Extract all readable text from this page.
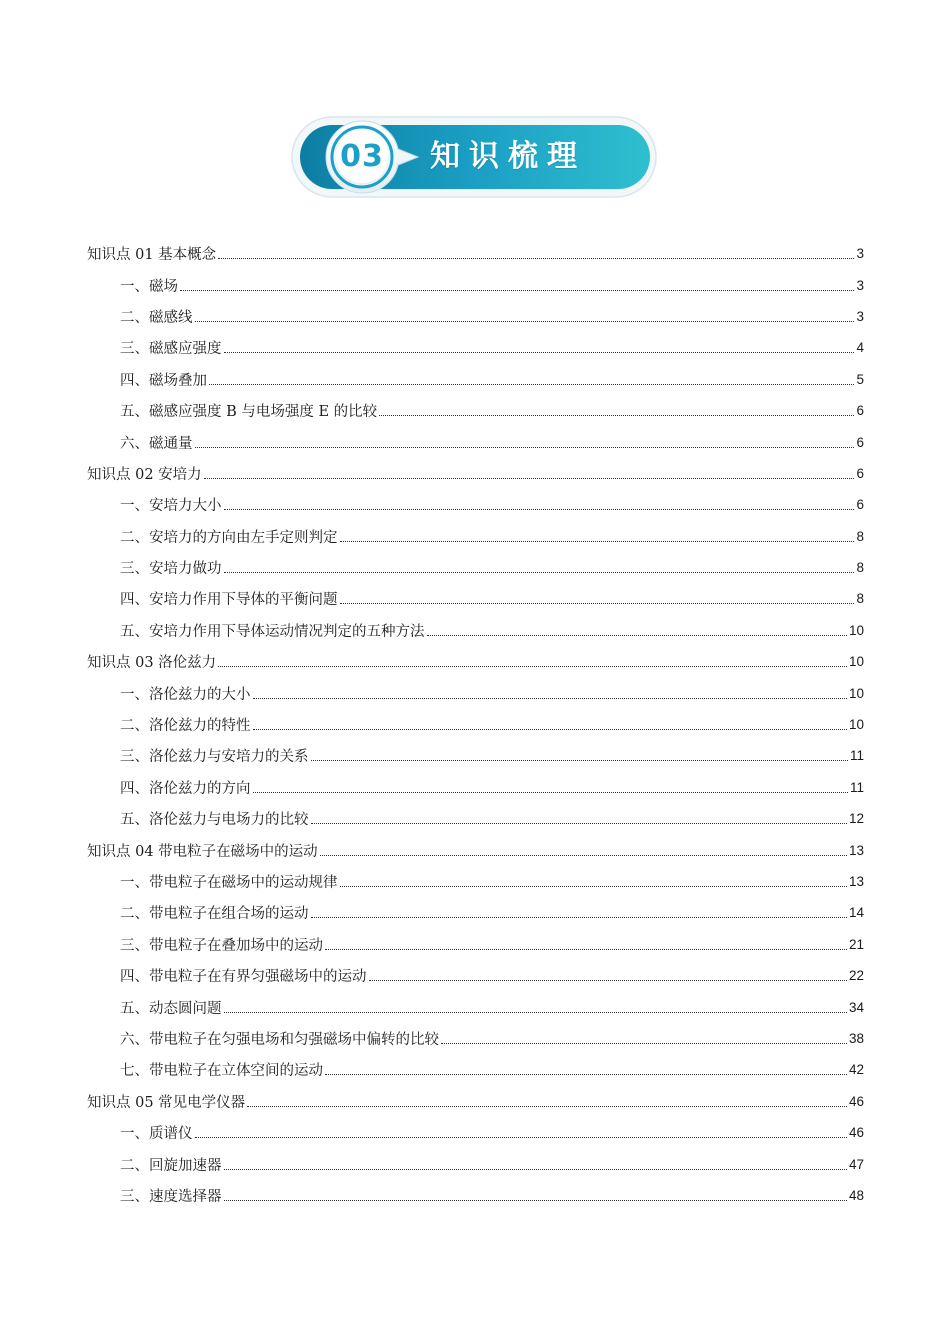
03	知识梳理
知识点 01 基本概念	3
一、磁场	3
二、磁感线	3
三、磁感应强度	4
四、磁场叠加	5
五、磁感应强度 B 与电场强度 E 的比较	6
六、磁通量	6
知识点 02 安培力	6
一、安培力大小	6
二、安培力的方向由左手定则判定	8
三、安培力做功	8
四、安培力作用下导体的平衡问题	8
五、安培力作用下导体运动情况判定的五种方法	10
知识点 03 洛伦兹力	10
一、洛伦兹力的大小	10
二、洛伦兹力的特性	10
三、洛伦兹力与安培力的关系	11
四、洛伦兹力的方向	11
五、洛伦兹力与电场力的比较	12
知识点 04 带电粒子在磁场中的运动	13
一、带电粒子在磁场中的运动规律	13
二、带电粒子在组合场的运动	14
三、带电粒子在叠加场中的运动	21
四、带电粒子在有界匀强磁场中的运动	22
五、动态圆问题	34
六、带电粒子在匀强电场和匀强磁场中偏转的比较	38
七、带电粒子在立体空间的运动	42
知识点 05 常见电学仪器	46
一、质谱仪	46
二、回旋加速器	47
三、速度选择器	48
